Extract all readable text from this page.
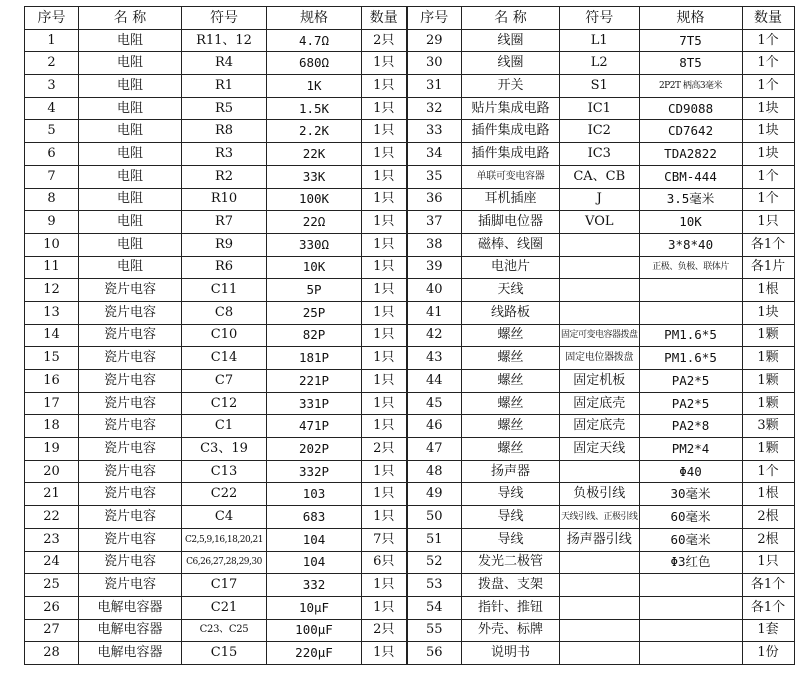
序号	名 称	符号	规格	数量	序号	名 称	符号	规格	数量
1	电阻	R11、12	4.7Ω	2只	29	线圈	L1	7T5	1个
2	电阻	R4	680Ω	1只	30	线圈	L2	8T5	1个
3	电阻	R1	1K	1只	31	开关	S1	2P2T 柄高3毫米	1个
4	电阻	R5	1.5K	1只	32	贴片集成电路	IC1	CD9088	1块
5	电阻	R8	2.2K	1只	33	插件集成电路	IC2	CD7642	1块
6	电阻	R3	22K	1只	34	插件集成电路	IC3	TDA2822	1块
7	电阻	R2	33K	1只	35	单联可变电容器	CA、CB	CBM-444	1个
8	电阻	R10	100K	1只	36	耳机插座	J	3.5毫米	1个
9	电阻	R7	22Ω	1只	37	插脚电位器	VOL	10K	1只
10	电阻	R9	330Ω	1只	38	磁棒、线圈		3*8*40	各1个
11	电阻	R6	10K	1只	39	电池片		正极、负极、联体片	各1片
12	瓷片电容	C11	5P	1只	40	天线			1根
13	瓷片电容	C8	25P	1只	41	线路板			1块
14	瓷片电容	C10	82P	1只	42	螺丝	固定可变电容器拨盘	PM1.6*5	1颗
15	瓷片电容	C14	181P	1只	43	螺丝	固定电位器拨盘	PM1.6*5	1颗
16	瓷片电容	C7	221P	1只	44	螺丝	固定机板	PA2*5	1颗
17	瓷片电容	C12	331P	1只	45	螺丝	固定底壳	PA2*5	1颗
18	瓷片电容	C1	471P	1只	46	螺丝	固定底壳	PA2*8	3颗
19	瓷片电容	C3、19	202P	2只	47	螺丝	固定天线	PM2*4	1颗
20	瓷片电容	C13	332P	1只	48	扬声器		Φ40	1个
21	瓷片电容	C22	103	1只	49	导线	负极引线	30毫米	1根
22	瓷片电容	C4	683	1只	50	导线	天线引线、正极引线	60毫米	2根
23	瓷片电容	C2,5,9,16,18,20,21	104	7只	51	导线	扬声器引线	60毫米	2根
24	瓷片电容	C6,26,27,28,29,30	104	6只	52	发光二极管		Φ3红色	1只
25	瓷片电容	C17	332	1只	53	拨盘、支架			各1个
26	电解电容器	C21	10μF	1只	54	指针、推钮			各1个
27	电解电容器	C23、C25	100μF	2只	55	外壳、标牌			1套
28	电解电容器	C15	220μF	1只	56	说明书			1份
